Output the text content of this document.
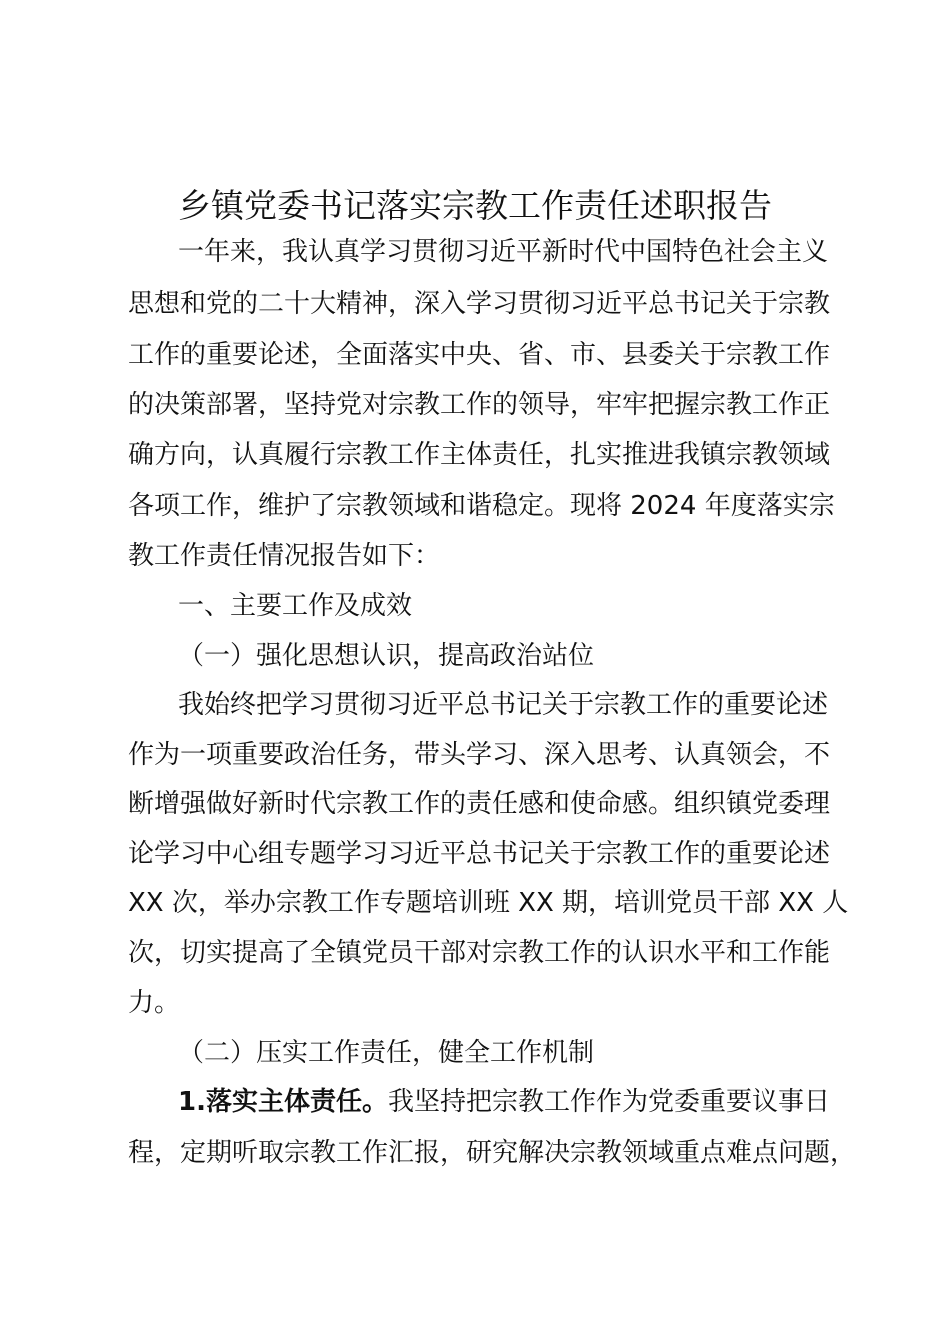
乡镇党委书记落实宗教工作责任述职报告
一年来，我认真学习贯彻习近平新时代中国特色社会主义
思想和党的二十大精神，深入学习贯彻习近平总书记关于宗教
工作的重要论述，全面落实中央、省、市、县委关于宗教工作
的决策部署，坚持党对宗教工作的领导，牢牢把握宗教工作正
确方向，认真履行宗教工作主体责任，扎实推进我镇宗教领域
各项工作，维护了宗教领域和谐稳定。现将 2024 年度落实宗
教工作责任情况报告如下：
一、主要工作及成效
（一）强化思想认识，提高政治站位
我始终把学习贯彻习近平总书记关于宗教工作的重要论述
作为一项重要政治任务，带头学习、深入思考、认真领会，不
断增强做好新时代宗教工作的责任感和使命感。组织镇党委理
论学习中心组专题学习习近平总书记关于宗教工作的重要论述
XX 次，举办宗教工作专题培训班 XX 期，培训党员干部 XX 人
次，切实提高了全镇党员干部对宗教工作的认识水平和工作能
力。
（二）压实工作责任，健全工作机制
1.落实主体责任。我坚持把宗教工作作为党委重要议事日
程，定期听取宗教工作汇报，研究解决宗教领域重点难点问题，
